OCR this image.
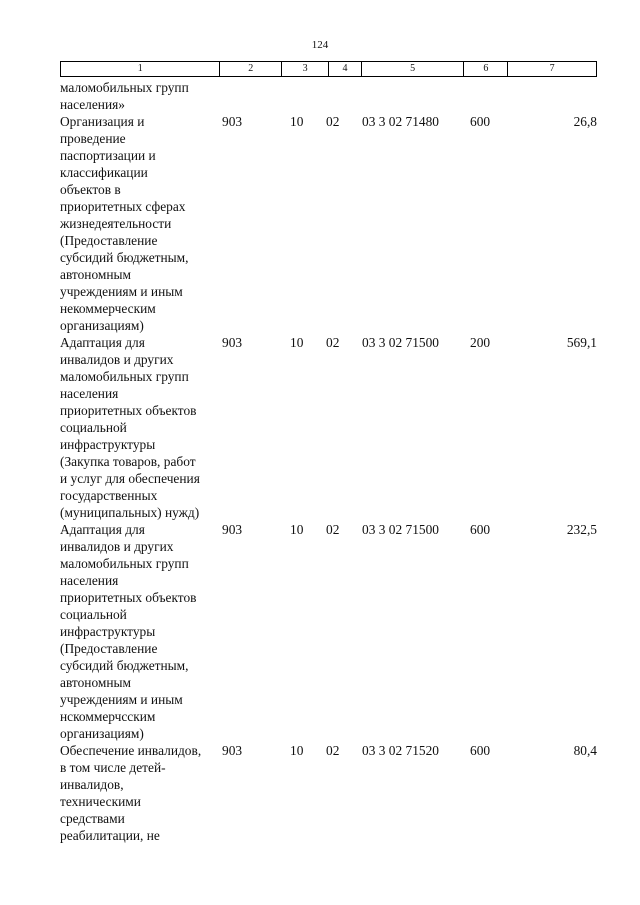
124
1	2	3	4	5	6	7
маломобильных групп
населения»
Организация и
проведение
паспортизации и
классификации
объектов в
приоритетных сферах
жизнедеятельности
(Предоставление
субсидий бюджетным,
автономным
учреждениям и иным
некоммерческим
организациям)
903	10	02	03 3 02 71480	600	26,8
Адаптация для
инвалидов и других
маломобильных групп
населения
приоритетных объектов
социальной
инфраструктуры
(Закупка товаров, работ
и услуг для обеспечения
государственных
(муниципальных) нужд)
903	10	02	03 3 02 71500	200	569,1
Адаптация для
инвалидов и других
маломобильных групп
населения
приоритетных объектов
социальной
инфраструктуры
(Предоставление
субсидий бюджетным,
автономным
учреждениям и иным
нскоммерчсским
организациям)
903	10	02	03 3 02 71500	600	232,5
Обеспечение инвалидов,
в том числе детей-
инвалидов,
техническими
средствами
реабилитации, не
903	10	02	03 3 02 71520	600	80,4
